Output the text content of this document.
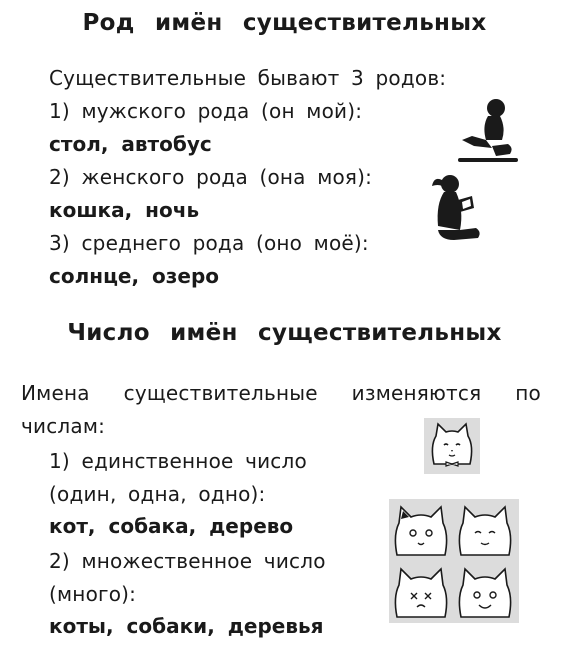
Род имён существительных
Существительные бывают 3 родов:
1) мужского рода (он мой):
стол, автобус
2) женского рода (она моя):
кошка, ночь
3) среднего рода (оно моё):
солнце, озеро
Число имён существительных
Имена существительные изменяются по
числам:
1) единственное число
(один, одна, одно):
кот, собака, дерево
2) множественное число
(много):
коты, собаки, деревья
